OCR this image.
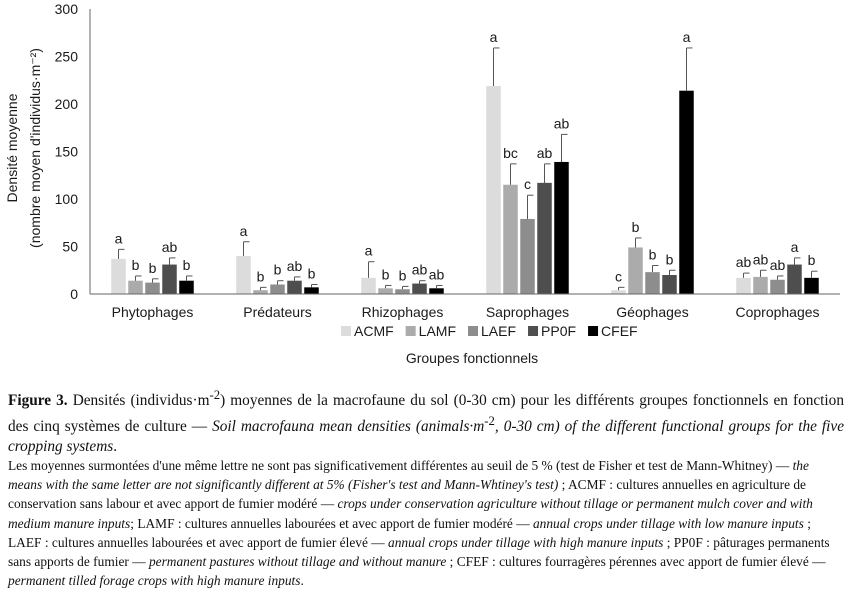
0
50
100
150
200
250
300
a
b b
ab
b
a
b b ab b
a
b b ab ab
a
bc
c
ab
ab
c
b
b b
a
ab ab ab
a
b
Phytophages	Prédateurs	Rhizophages	Saprophages	Géophages	Coprophages
ACMF LAMF LAEF PP0F CFEF
Densité moyenne (nombre moyen d'individus·m⁻²)
Groupes fonctionnels
Figure 3. Densités $(individus\cdot m^{-2})$ moyennes de la macrofaune du sol (0-30 cm) pour les différents groupes fonctionnels en fonction des cinq systèmes de culture — Soil macrofauna mean densities ($animals\cdot m^{-2}$, 0-30 cm) of the different functional groups for the five cropping systems.
Les moyennes surmontées d'une même lettre ne sont pas significativement différentes au seuil de 5 % (test de Fisher et test de Mann-Whitney) — the means with the same letter are not significantly different at 5% (Fisher's test and Mann-Whtiney's test) ; ACMF : cultures annuelles en agriculture de conservation sans labour et avec apport de fumier modéré — crops under conservation agriculture without tillage or permanent mulch cover and with medium manure inputs; LAMF : cultures annuelles labourées et avec apport de fumier modéré — annual crops under tillage with low manure inputs ; LAEF : cultures annuelles labourées et avec apport de fumier élevé — annual crops under tillage with high manure inputs ; PP0F : pâturages permanents sans apports de fumier — permanent pastures without tillage and without manure ; CFEF : cultures fourragères pérennes avec apport de fumier élevé — permanent tilled forage crops with high manure inputs.
